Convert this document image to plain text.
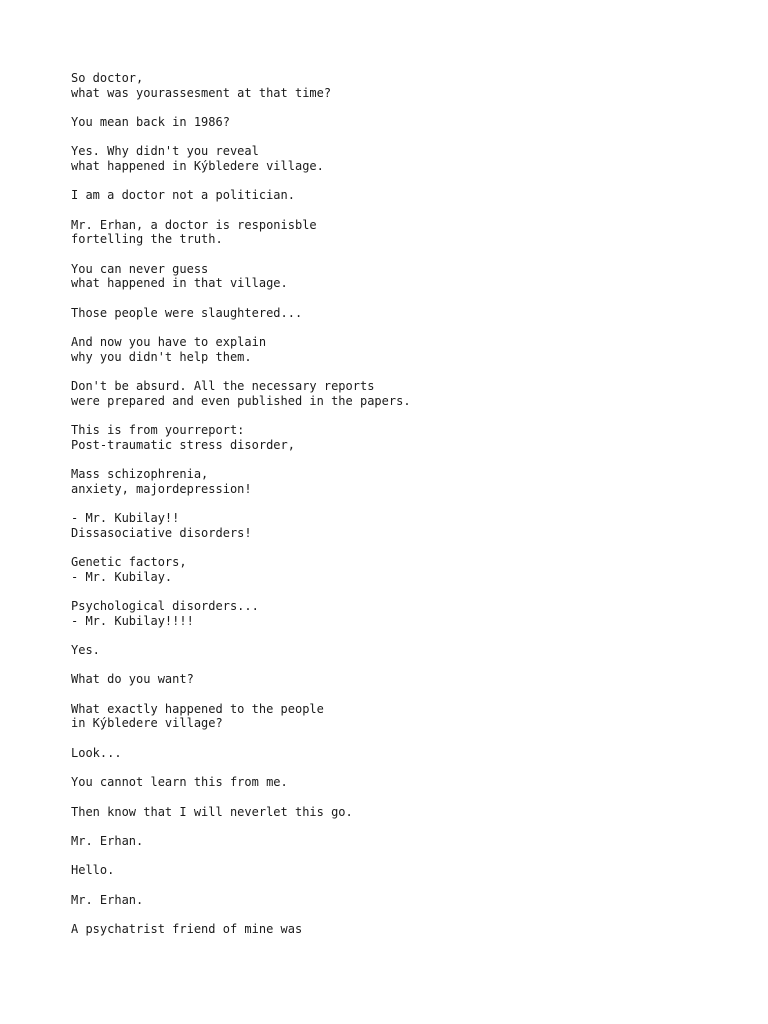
So doctor,
what was yourassesment at that time?
You mean back in 1986?
Yes. Why didn't you reveal
what happened in Kýbledere village.
I am a doctor not a politician.
Mr. Erhan, a doctor is responisble
fortelling the truth.
You can never guess
what happened in that village.
Those people were slaughtered...
And now you have to explain
why you didn't help them.
Don't be absurd. All the necessary reports
were prepared and even published in the papers.
This is from yourreport:
Post-traumatic stress disorder,
Mass schizophrenia,
anxiety, majordepression!
- Mr. Kubilay!!
Dissasociative disorders!
Genetic factors,
- Mr. Kubilay.
Psychological disorders...
- Mr. Kubilay!!!!
Yes.
What do you want?
What exactly happened to the people
in Kýbledere village?
Look...
You cannot learn this from me.
Then know that I will neverlet this go.
Mr. Erhan.
Hello.
Mr. Erhan.
A psychatrist friend of mine was
